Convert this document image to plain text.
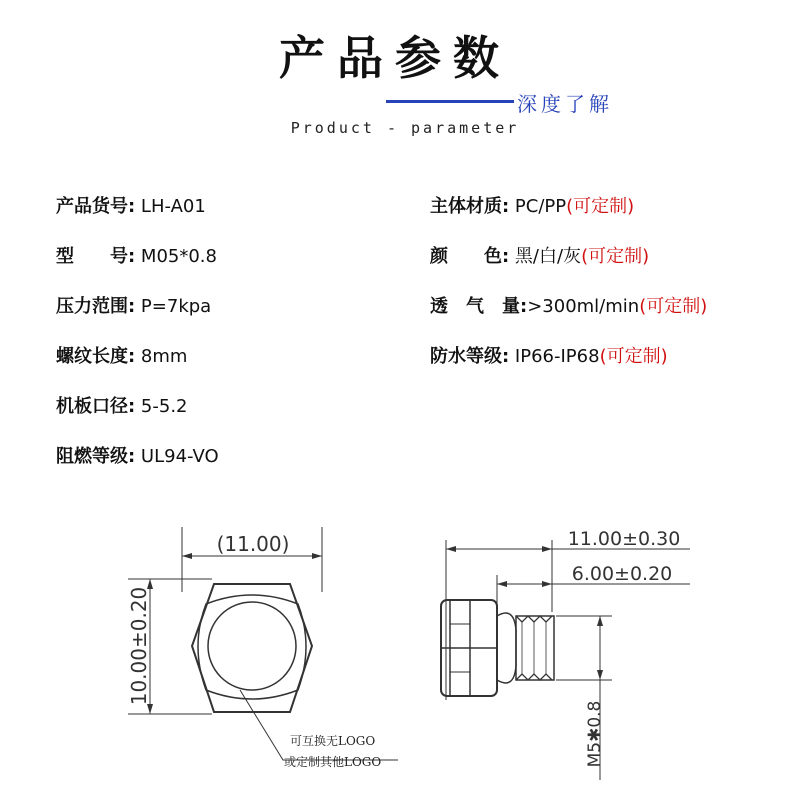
产品参数
深度了解
Product - parameter
产品货号: LH-A01
型　　号: M05*0.8
压力范围: P=7kpa
螺纹长度: 8mm
机板口径: 5-5.2
阻燃等级: UL94-VO
主体材质: PC/PP(可定制)
颜　　色: 黑/白/灰(可定制)
透　气　量:>300ml/min(可定制)
防水等级: IP66-IP68(可定制)
(11.00)
10.00±0.20
可互换无LOGO
或定制其他LOGO
11.00±0.30
6.00±0.20
M5✱0.8
